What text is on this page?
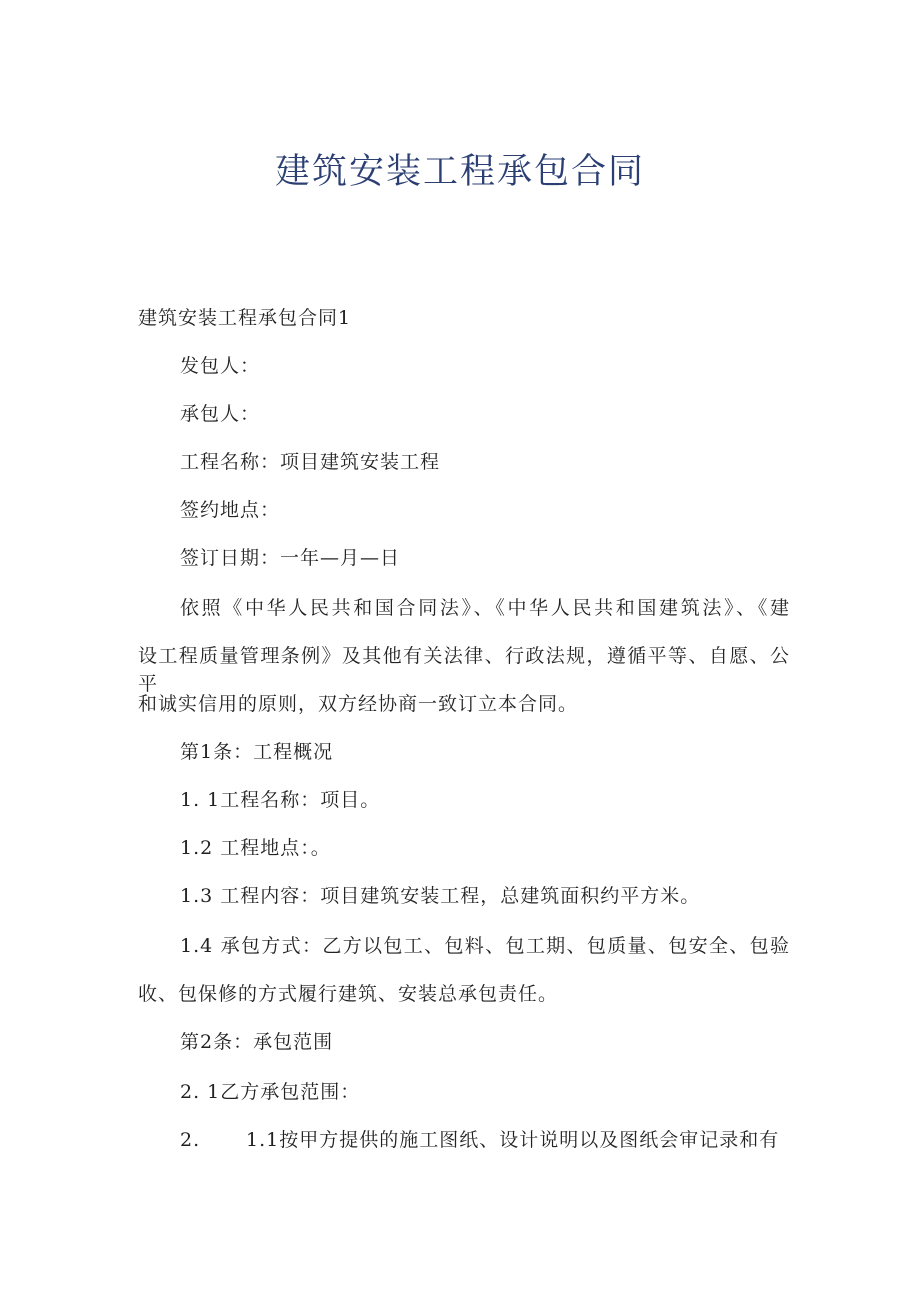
建筑安装工程承包合同

建筑安装工程承包合同1

发包人：

承包人：

工程名称：项目建筑安装工程

签约地点：

签订日期：一年—月—日

依照《中华人民共和国合同法》、《中华人民共和国建筑法》、《建

设工程质量管理条例》及其他有关法律、行政法规，遵循平等、自愿、公平

和诚实信用的原则，双方经协商一致订立本合同。

第1条：工程概况

1. 1工程名称：项目。

1.2 工程地点：。

1.3 工程内容：项目建筑安装工程，总建筑面积约平方米。

1.4 承包方式：乙方以包工、包料、包工期、包质量、包安全、包验

收、包保修的方式履行建筑、安装总承包责任。

第2条：承包范围

2. 1乙方承包范围：

2. 1.1按甲方提供的施工图纸、设计说明以及图纸会审记录和有
